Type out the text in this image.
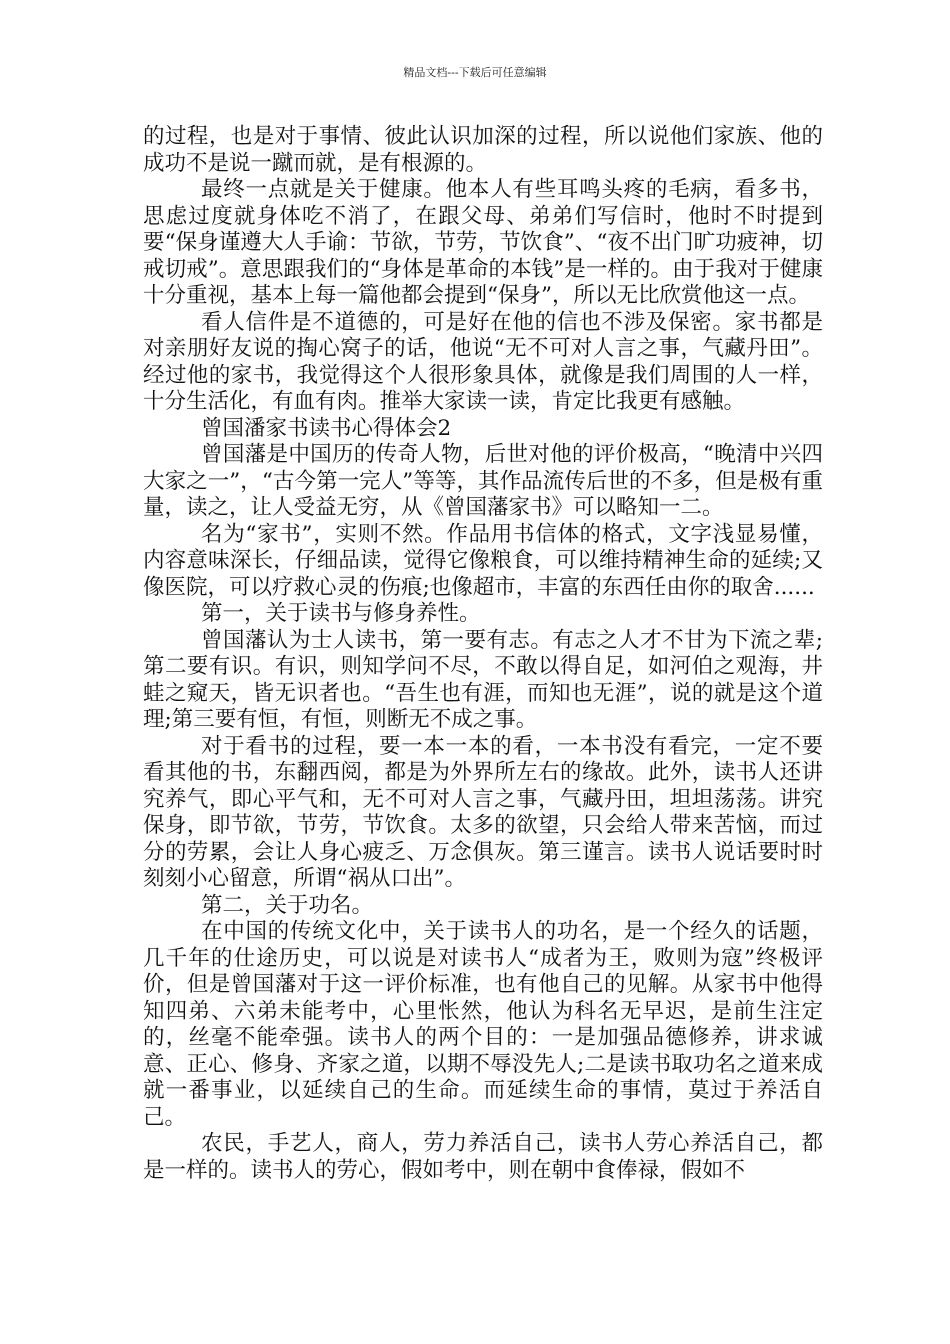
精品文档---下载后可任意编辑

的过程，也是对于事情、彼此认识加深的过程，所以说他们家族、他的成功不是说一蹴而就，是有根源的。

最终一点就是关于健康。他本人有些耳鸣头疼的毛病，看多书，思虑过度就身体吃不消了，在跟父母、弟弟们写信时，他时不时提到要“保身谨遵大人手谕：节欲，节劳，节饮食”、“夜不出门旷功疲神，切戒切戒”。意思跟我们的“身体是革命的本钱”是一样的。由于我对于健康十分重视，基本上每一篇他都会提到“保身”，所以无比欣赏他这一点。

看人信件是不道德的，可是好在他的信也不涉及保密。家书都是对亲朋好友说的掏心窝子的话，他说“无不可对人言之事，气藏丹田”。经过他的家书，我觉得这个人很形象具体，就像是我们周围的人一样，十分生活化，有血有肉。推举大家读一读，肯定比我更有感触。

曾国潘家书读书心得体会2

曾国藩是中国历的传奇人物，后世对他的评价极高，“晚清中兴四大家之一”，“古今第一完人”等等，其作品流传后世的不多，但是极有重量，读之，让人受益无穷，从《曾国藩家书》可以略知一二。

名为“家书”，实则不然。作品用书信体的格式，文字浅显易懂，内容意味深长，仔细品读，觉得它像粮食，可以维持精神生命的延续;又像医院，可以疗救心灵的伤痕;也像超市，丰富的东西任由你的取舍......

第一，关于读书与修身养性。

曾国藩认为士人读书，第一要有志。有志之人才不甘为下流之辈;第二要有识。有识，则知学问不尽，不敢以得自足，如河伯之观海，井蛙之窥天，皆无识者也。“吾生也有涯，而知也无涯”，说的就是这个道理;第三要有恒，有恒，则断无不成之事。

对于看书的过程，要一本一本的看，一本书没有看完，一定不要看其他的书，东翻西阅，都是为外界所左右的缘故。此外，读书人还讲究养气，即心平气和，无不可对人言之事，气藏丹田，坦坦荡荡。讲究保身，即节欲，节劳，节饮食。太多的欲望，只会给人带来苦恼，而过分的劳累，会让人身心疲乏、万念俱灰。第三谨言。读书人说话要时时刻刻小心留意，所谓“祸从口出”。

第二，关于功名。

在中国的传统文化中，关于读书人的功名，是一个经久的话题，几千年的仕途历史，可以说是对读书人“成者为王，败则为寇”终极评价，但是曾国藩对于这一评价标准，也有他自己的见解。从家书中他得知四弟、六弟未能考中，心里怅然，他认为科名无早迟，是前生注定的，丝毫不能牵强。读书人的两个目的：一是加强品德修养，讲求诚意、正心、修身、齐家之道，以期不辱没先人;二是读书取功名之道来成就一番事业，以延续自己的生命。而延续生命的事情，莫过于养活自己。

农民，手艺人，商人，劳力养活自己，读书人劳心养活自己，都是一样的。读书人的劳心，假如考中，则在朝中食俸禄，假如不
